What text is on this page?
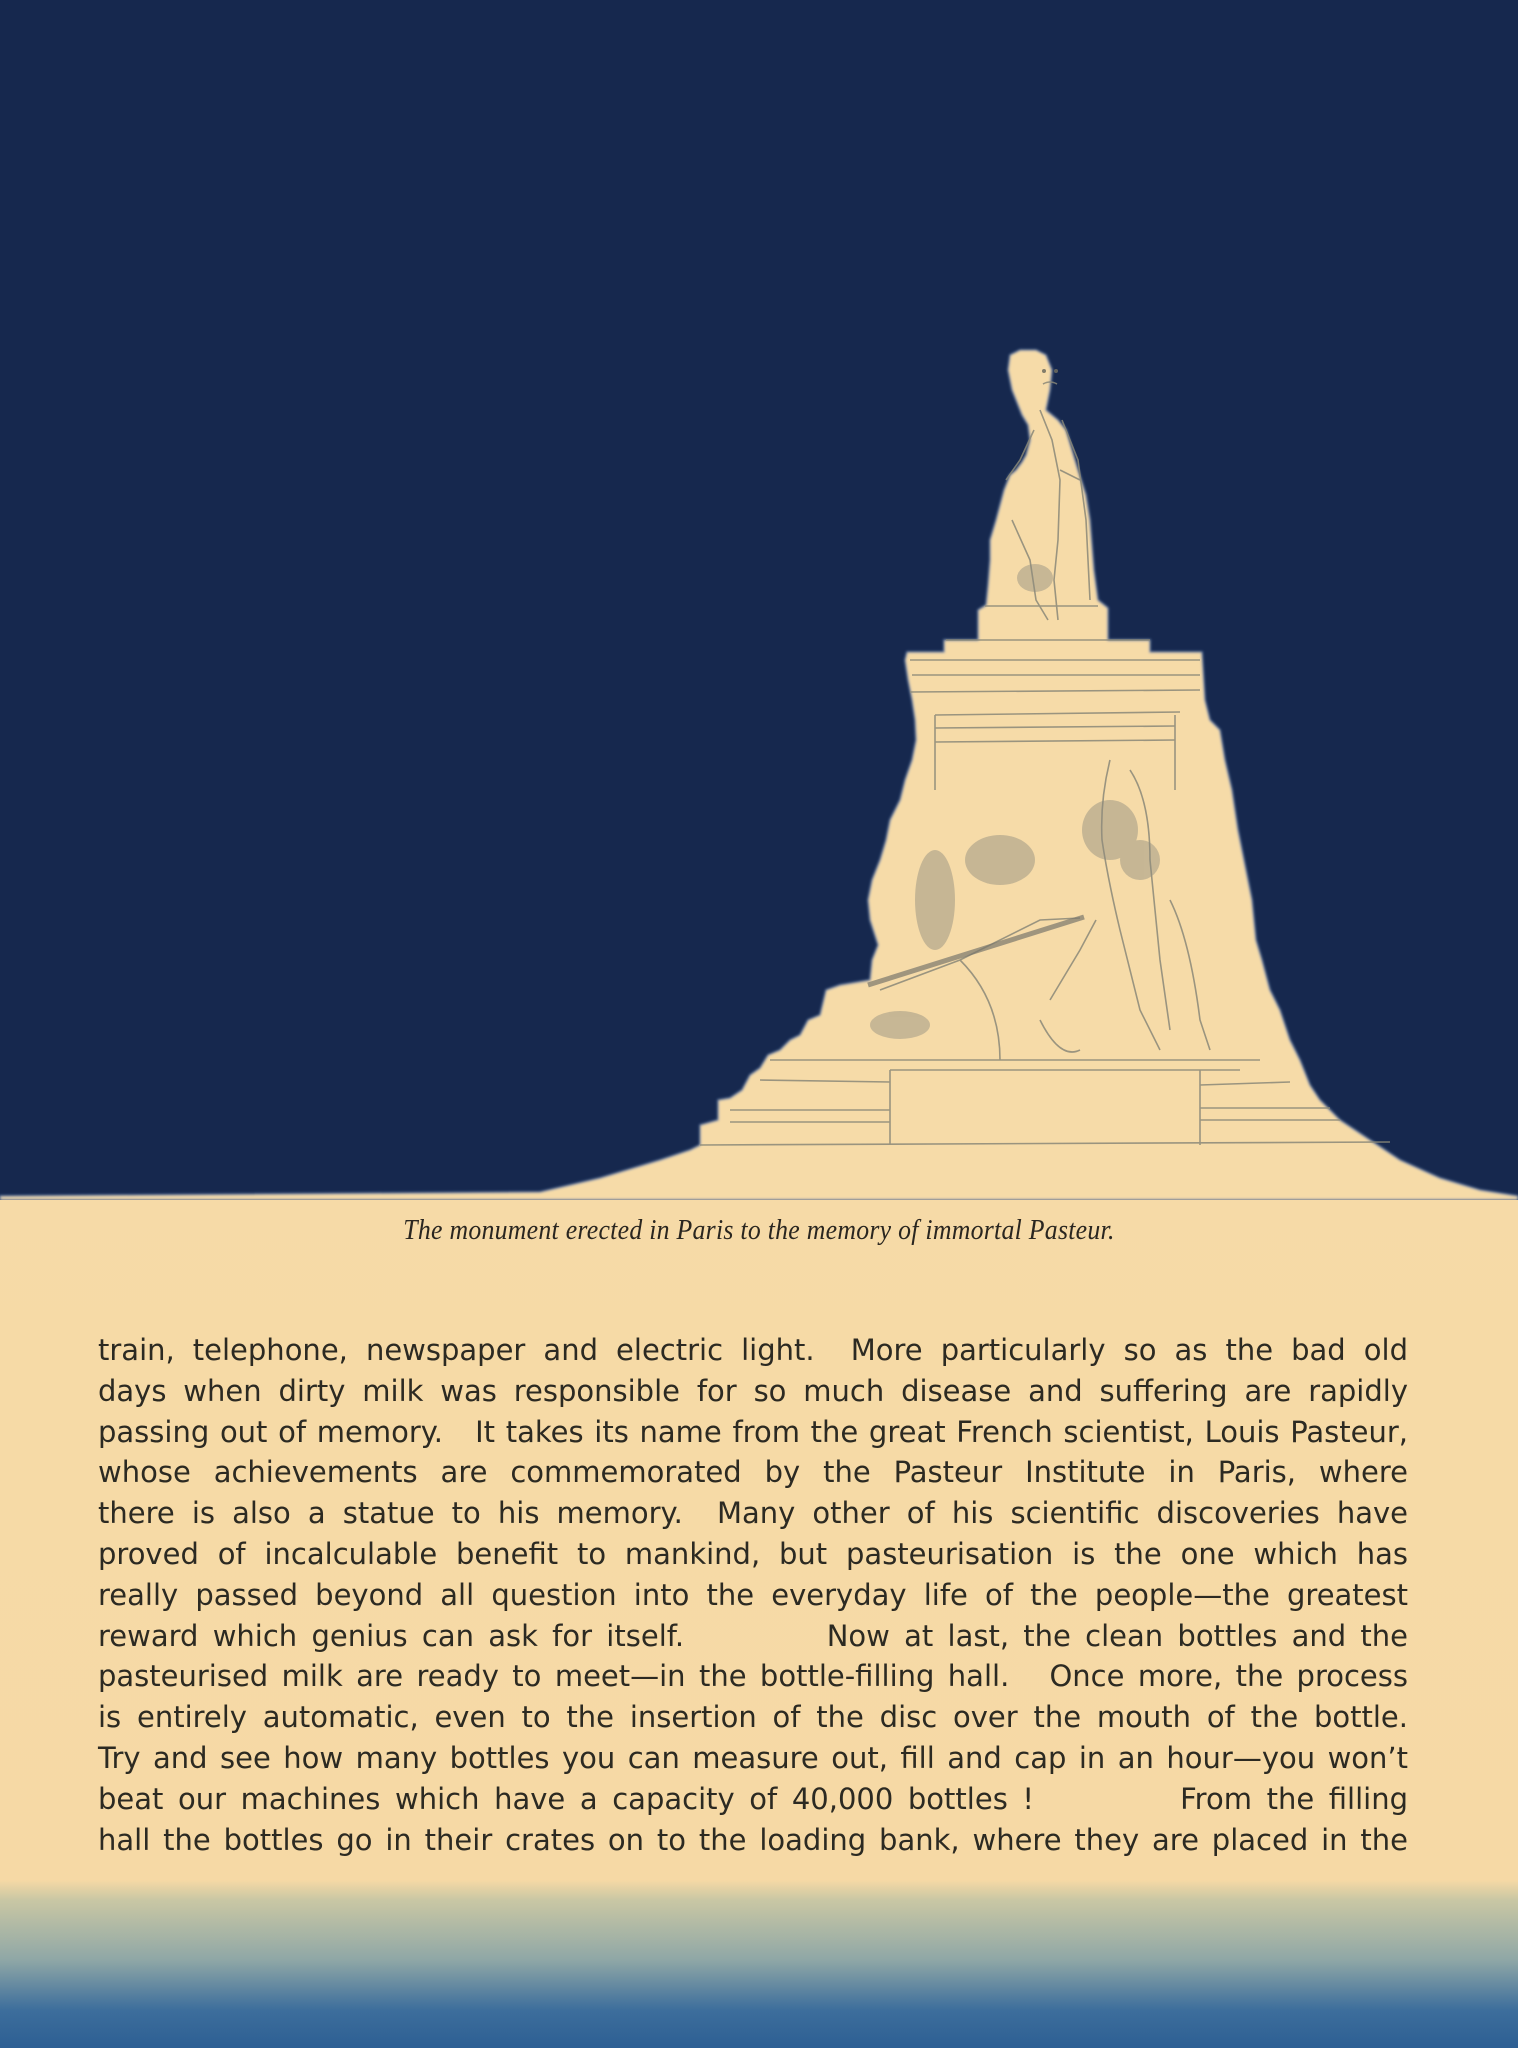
The monument erected in Paris to the memory of immortal Pasteur.
train, telephone, newspaper and electric light.  More particularly so as the bad old
days when dirty milk was responsible for so much disease and suffering are rapidly
passing out of memory.   It takes its name from the great French scientist, Louis Pasteur,
whose achievements are commemorated by the Pasteur Institute in Paris, where
there is also a statue to his memory.  Many other of his scientific discoveries have
proved of incalculable benefit to mankind, but pasteurisation is the one which has
really passed beyond all question into the everyday life of the people—the greatest
reward which genius can ask for itself.          Now at last, the clean bottles and the
pasteurised milk are ready to meet—in the bottle-filling hall.   Once more, the process
is entirely automatic, even to the insertion of the disc over the mouth of the bottle.
Try and see how many bottles you can measure out, fill and cap in an hour—you won’t
beat our machines which have a capacity of 40,000 bottles !          From the filling
hall the bottles go in their crates on to the loading bank, where they are placed in the
